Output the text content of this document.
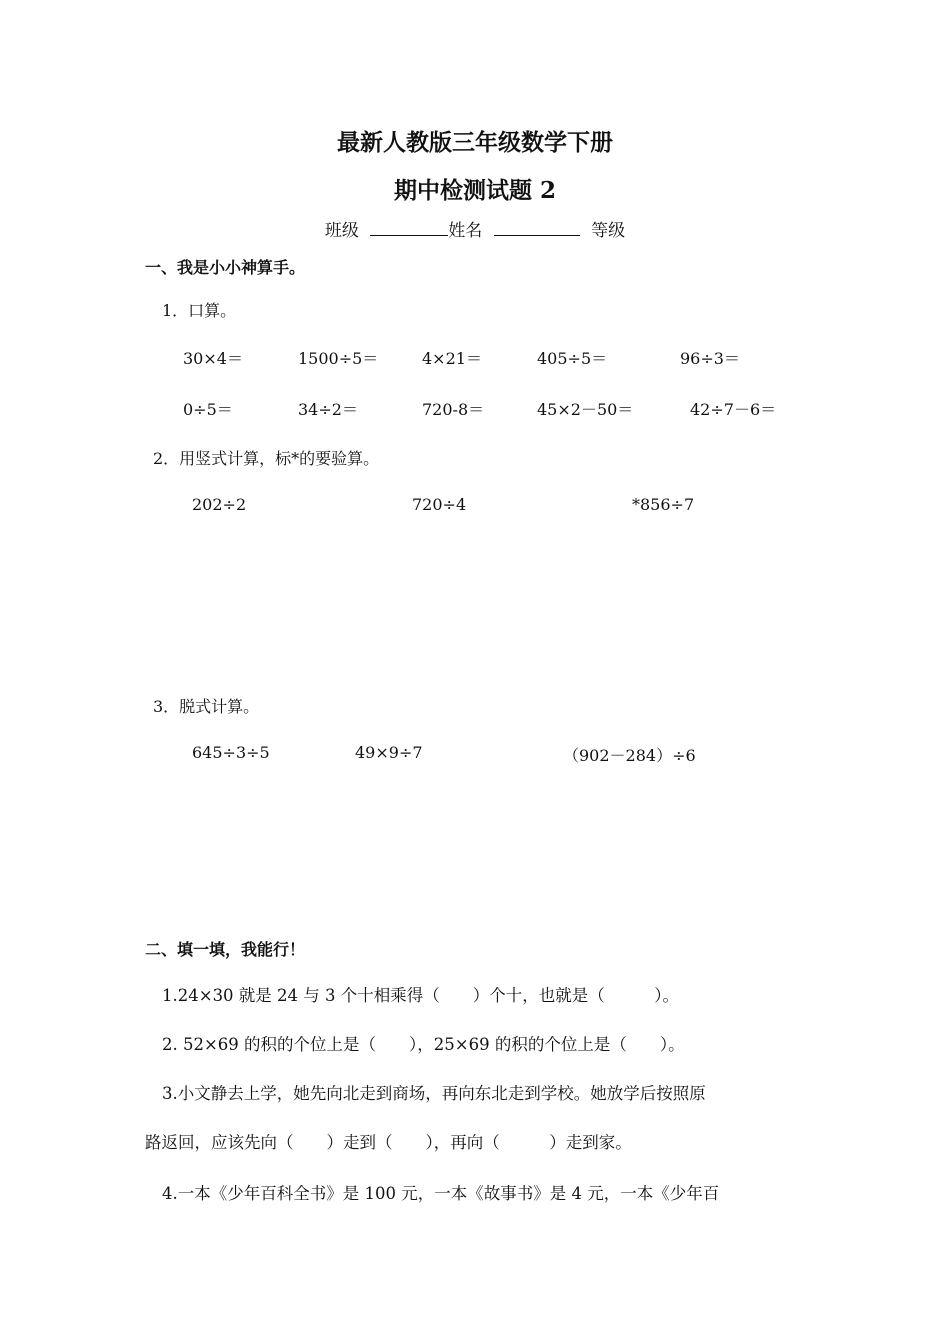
最新人教版三年级数学下册
期中检测试题 2
班级	姓名	等级
一、我是小小神算手。
1．口算。
30×4＝	1500÷5＝	4×21＝	405÷5＝	96÷3＝
0÷5＝	34÷2＝	720-8＝	45×2－50＝	42÷7－6＝
2．用竖式计算，标*的要验算。
202÷2	720÷4	*856÷7
3．脱式计算。
645÷3÷5	49×9÷7	（902－284）÷6
二、填一填，我能行！
1.24×30 就是 24 与 3 个十相乘得（　　）个十，也就是（　　　）。
2. 52×69 的积的个位上是（　　），25×69 的积的个位上是（　　）。
3.小文静去上学，她先向北走到商场，再向东北走到学校。她放学后按照原
路返回，应该先向（　　）走到（　　），再向（　　　）走到家。
4.一本《少年百科全书》是 100 元，一本《故事书》是 4 元，一本《少年百
